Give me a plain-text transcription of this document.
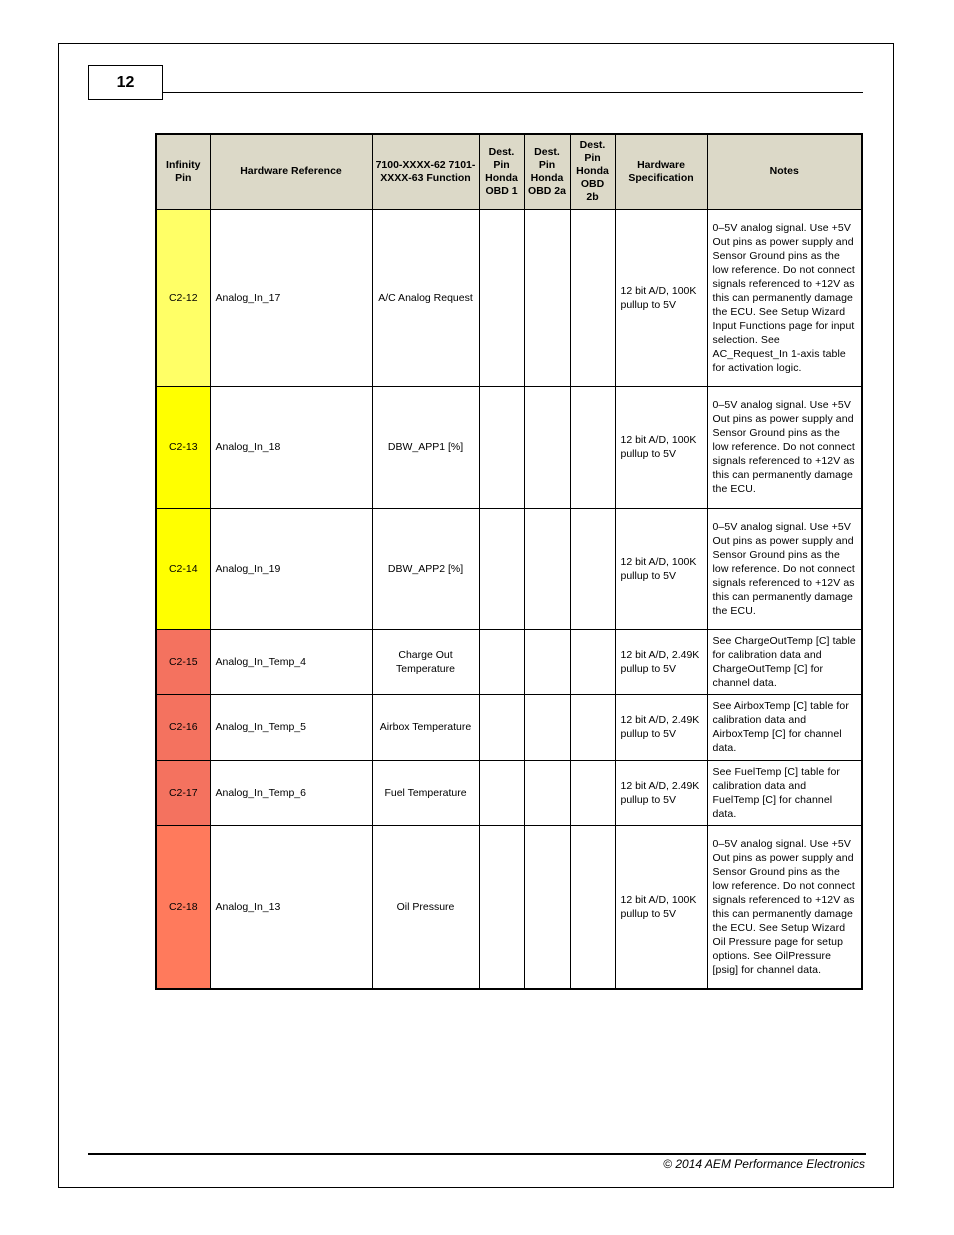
12
Infinity Pin	Hardware Reference	7100-XXXX-62 7101-XXXX-63 Function	Dest. Pin Honda OBD 1	Dest. Pin Honda OBD 2a	Dest. Pin Honda OBD 2b	Hardware Specification	Notes
C2-12	Analog_In_17	A/C Analog Request				12 bit A/D, 100K pullup to 5V	0–5V analog signal. Use +5V Out pins as power supply and Sensor Ground pins as the low reference. Do not connect signals referenced to +12V as this can permanently damage the ECU. See Setup Wizard Input Functions page for input selection. See AC_Request_In 1-axis table for activation logic.
C2-13	Analog_In_18	DBW_APP1 [%]				12 bit A/D, 100K pullup to 5V	0–5V analog signal. Use +5V Out pins as power supply and Sensor Ground pins as the low reference. Do not connect signals referenced to +12V as this can permanently damage the ECU.
C2-14	Analog_In_19	DBW_APP2 [%]				12 bit A/D, 100K pullup to 5V	0–5V analog signal. Use +5V Out pins as power supply and Sensor Ground pins as the low reference. Do not connect signals referenced to +12V as this can permanently damage the ECU.
C2-15	Analog_In_Temp_4	Charge Out Temperature				12 bit A/D, 2.49K pullup to 5V	See ChargeOutTemp [C] table for calibration data and ChargeOutTemp [C] for channel data.
C2-16	Analog_In_Temp_5	Airbox Temperature				12 bit A/D, 2.49K pullup to 5V	See AirboxTemp [C] table for calibration data and AirboxTemp [C] for channel data.
C2-17	Analog_In_Temp_6	Fuel Temperature				12 bit A/D, 2.49K pullup to 5V	See FuelTemp [C] table for calibration data and FuelTemp [C] for channel data.
C2-18	Analog_In_13	Oil Pressure				12 bit A/D, 100K pullup to 5V	0–5V analog signal. Use +5V Out pins as power supply and Sensor Ground pins as the low reference. Do not connect signals referenced to +12V as this can permanently damage the ECU. See Setup Wizard Oil Pressure page for setup options. See OilPressure [psig] for channel data.
© 2014 AEM Performance Electronics
